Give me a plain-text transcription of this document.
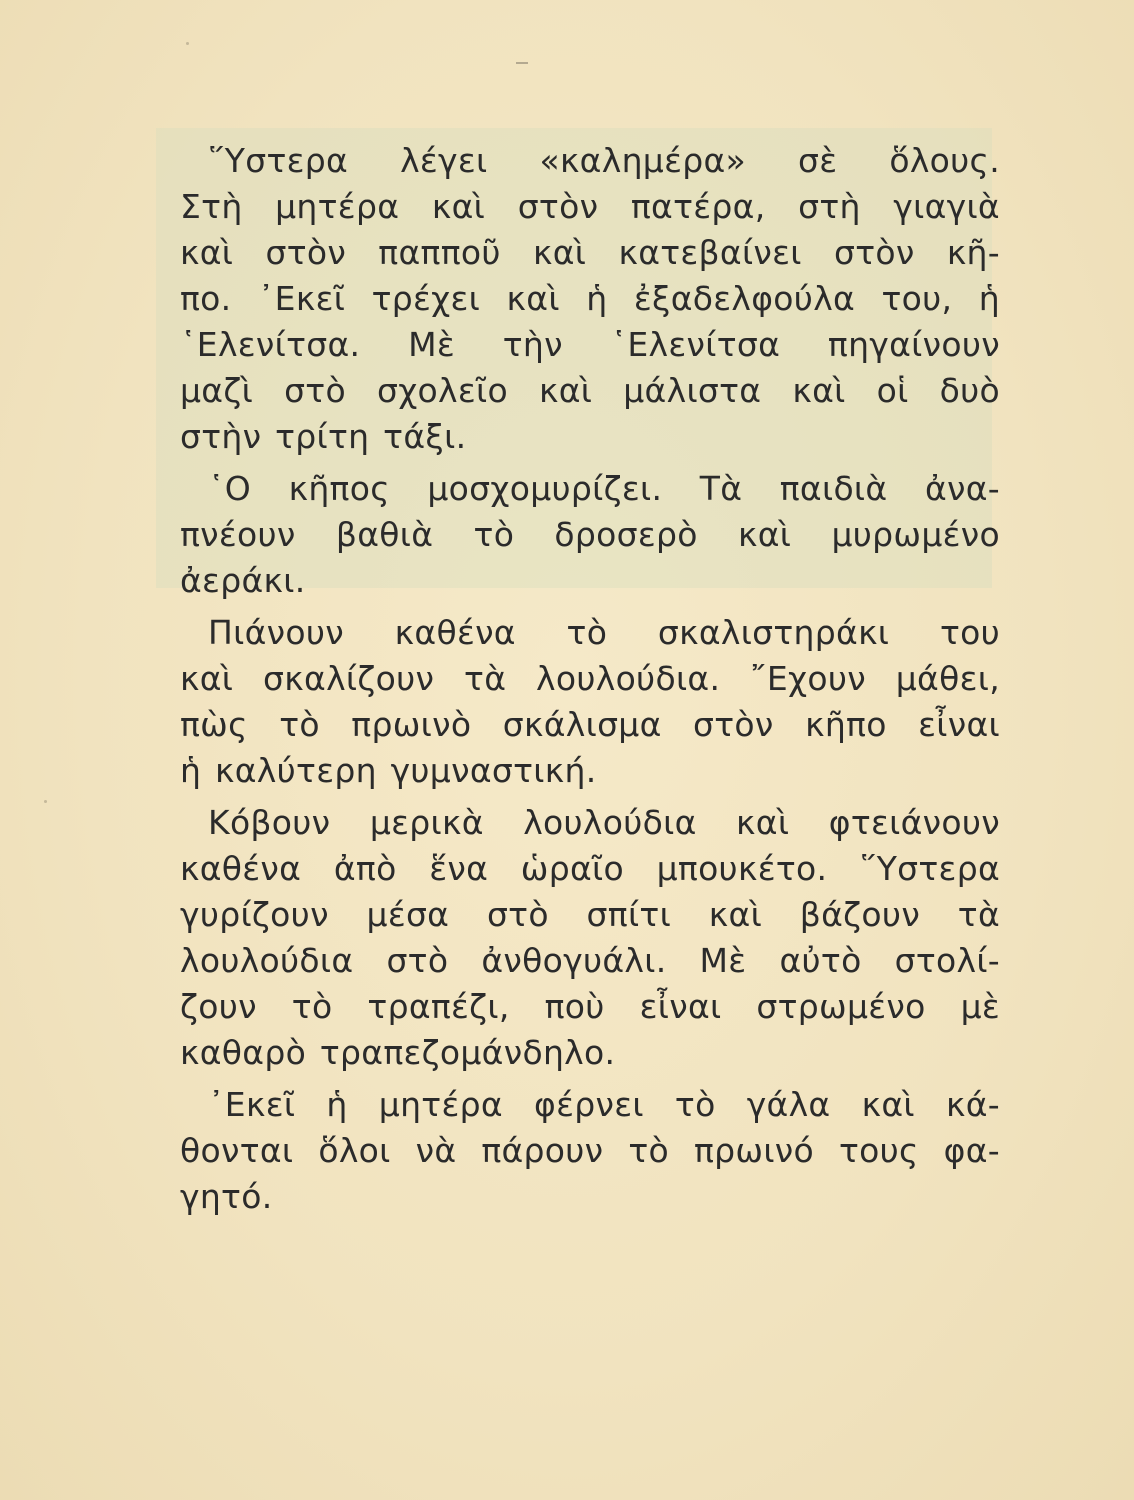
῞Υστερα λέγει «καλημέρα» σὲ ὅλους.
Στὴ μητέρα καὶ στὸν πατέρα, στὴ γιαγιὰ
καὶ στὸν παπποῦ καὶ κατεβαίνει στὸν κῆ-
πο. ᾿Εκεῖ τρέχει καὶ ἡ ἐξαδελφούλα του, ἡ
῾Ελενίτσα. Μὲ τὴν ῾Ελενίτσα πηγαίνουν
μαζὶ στὸ σχολεῖο καὶ μάλιστα καὶ οἱ δυὸ
στὴν τρίτη τάξι.

῾Ο κῆπος μοσχομυρίζει. Τὰ παιδιὰ ἀνα-
πνέουν βαθιὰ τὸ δροσερὸ καὶ μυρωμένο
ἀεράκι.

Πιάνουν καθένα τὸ σκαλιστηράκι του
καὶ σκαλίζουν τὰ λουλούδια. ῎Εχουν μάθει,
πὼς τὸ πρωινὸ σκάλισμα στὸν κῆπο εἶναι
ἡ καλύτερη γυμναστική.

Κόβουν μερικὰ λουλούδια καὶ φτειάνουν
καθένα ἀπὸ ἕνα ὡραῖο μπουκέτο. ῞Υστερα
γυρίζουν μέσα στὸ σπίτι καὶ βάζουν τὰ
λουλούδια στὸ ἀνθογυάλι. Μὲ αὐτὸ στολί-
ζουν τὸ τραπέζι, ποὺ εἶναι στρωμένο μὲ
καθαρὸ τραπεζομάνδηλο.

᾿Εκεῖ ἡ μητέρα φέρνει τὸ γάλα καὶ κά-
θονται ὅλοι νὰ πάρουν τὸ πρωινό τους φα-
γητό.
